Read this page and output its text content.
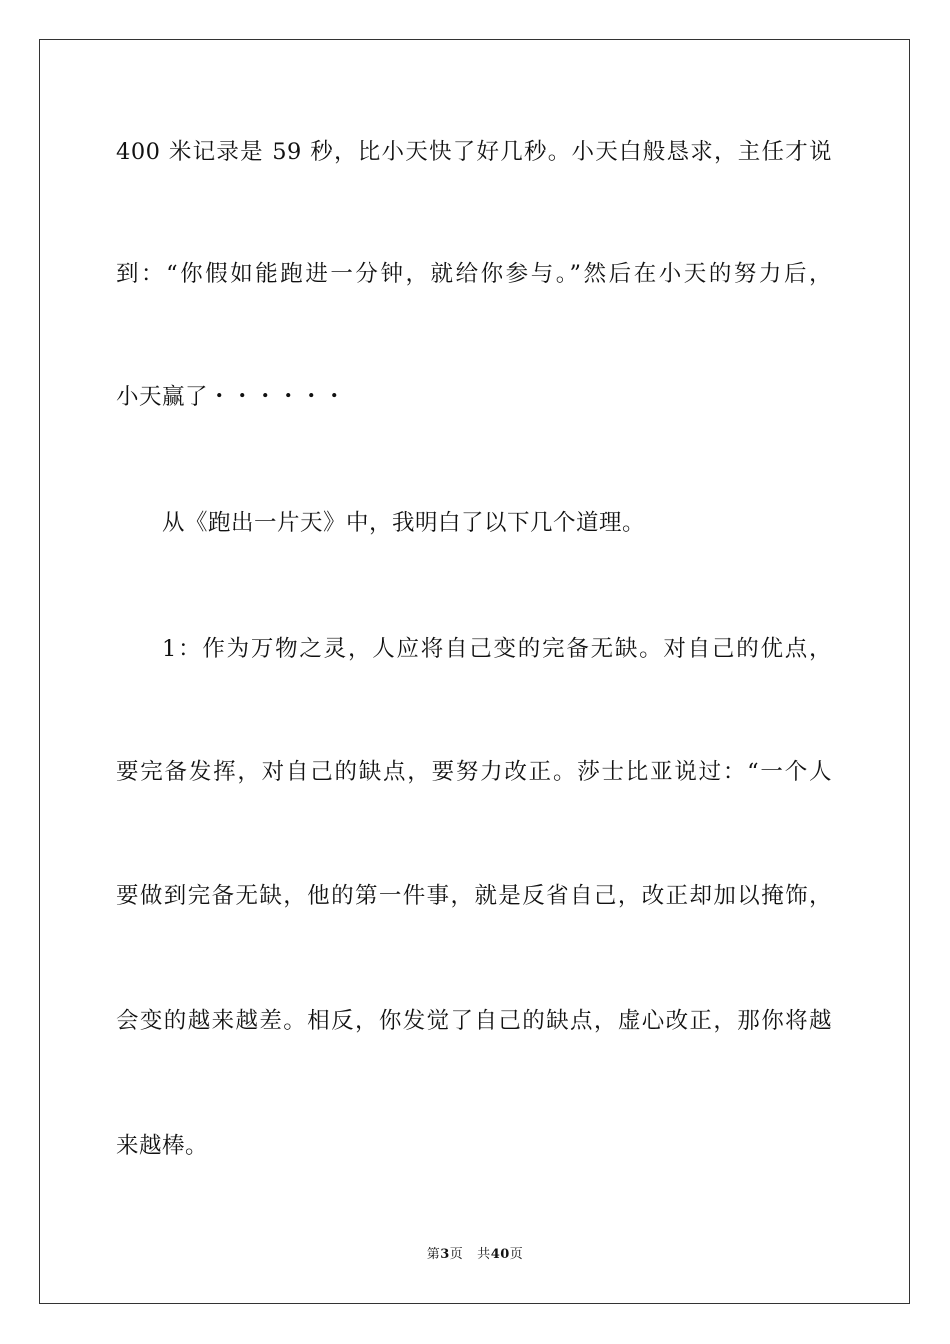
400 米记录是 59 秒，比小天快了好几秒。小天白般恳求，主任才说
到：“你假如能跑进一分钟，就给你参与。”然后在小天的努力后，
小天赢了・・・・・・
从《跑出一片天》中，我明白了以下几个道理。
1：作为万物之灵，人应将自己变的完备无缺。对自己的优点，
要完备发挥，对自己的缺点，要努力改正。莎士比亚说过：“一个人
要做到完备无缺，他的第一件事，就是反省自己，改正却加以掩饰，
会变的越来越差。相反，你发觉了自己的缺点，虚心改正，那你将越
来越棒。
第3页 共40页
